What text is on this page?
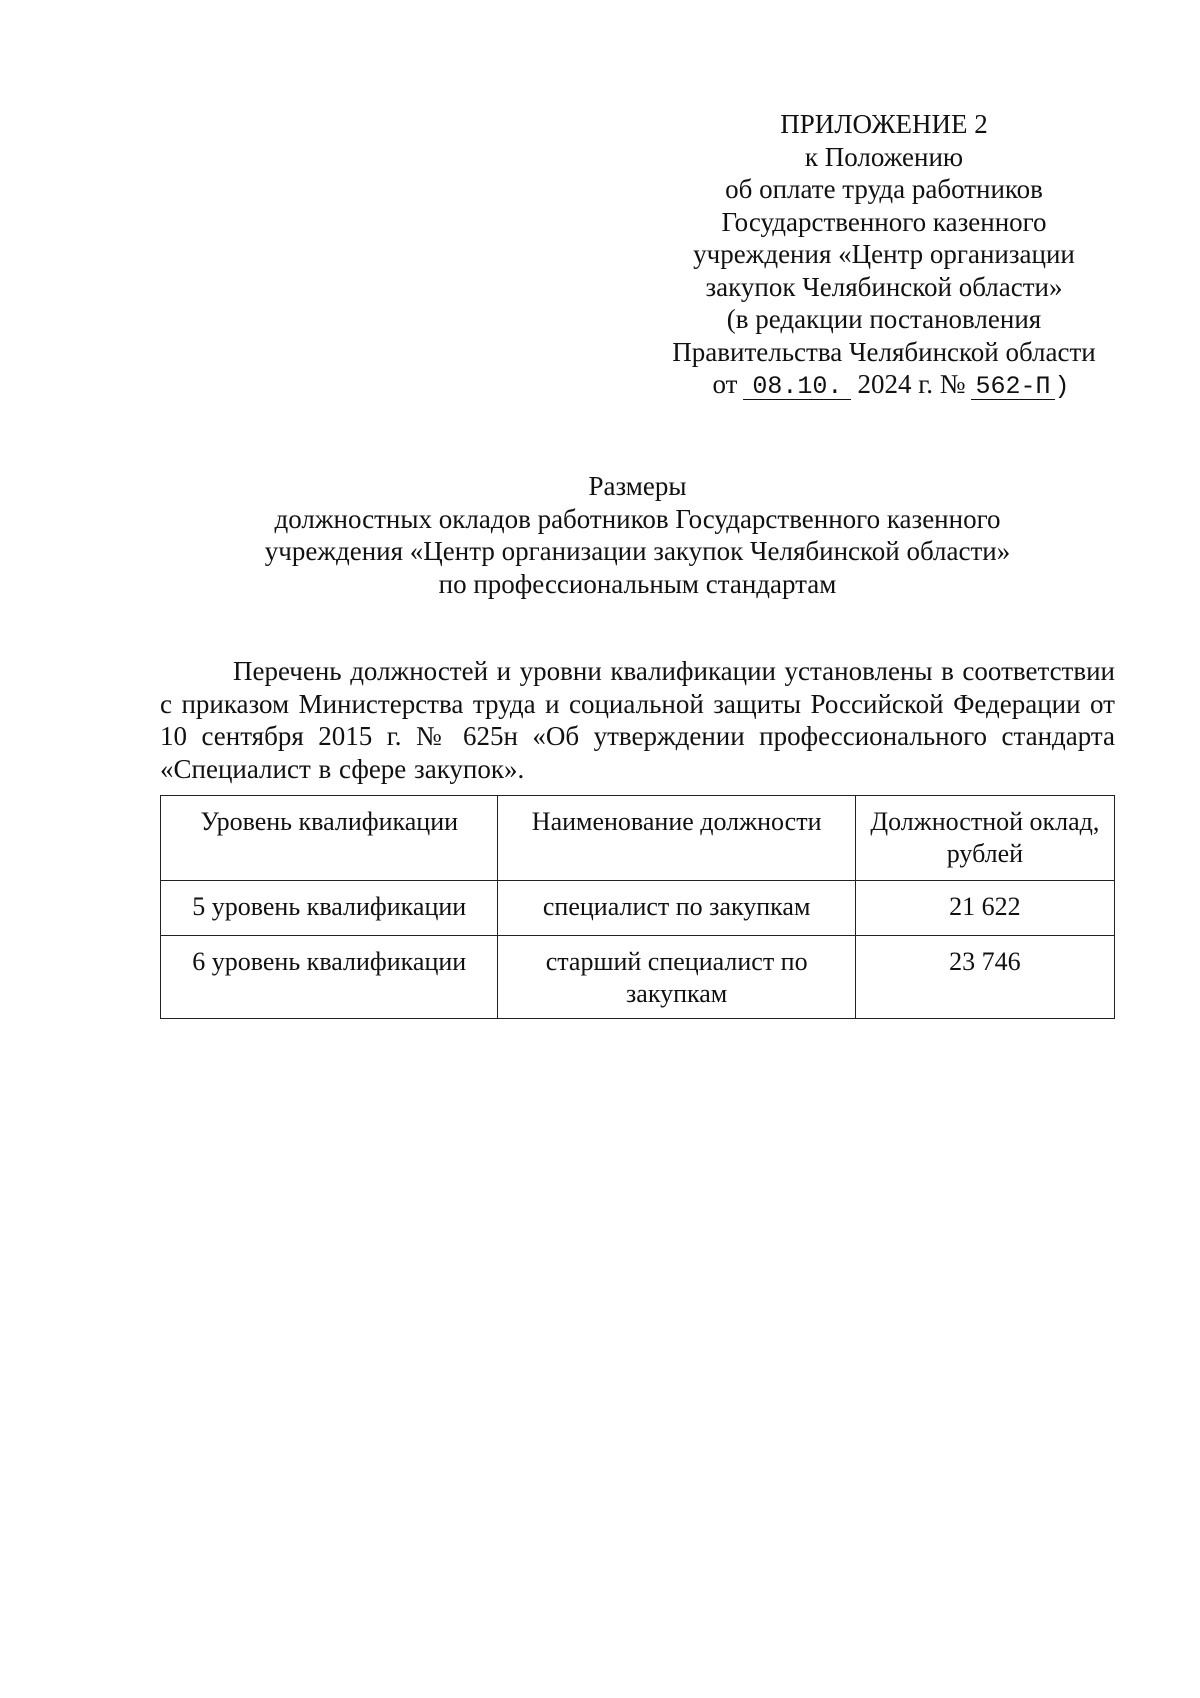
ПРИЛОЖЕНИЕ 2
к Положению
об оплате труда работников
Государственного казенного
учреждения «Центр организации
закупок Челябинской области»
(в редакции постановления
Правительства Челябинской области
от 08.10. 2024 г. № 562-П )
Размеры
должностных окладов работников Государственного казенного
учреждения «Центр организации закупок Челябинской области»
по профессиональным стандартам

Перечень должностей и уровни квалификации установлены в соответствии с приказом Министерства труда и социальной защиты Российской Федерации от 10 сентября 2015 г. № 625н «Об утверждении профессионального стандарта «Специалист в сфере закупок».

Уровень квалификации	Наименование должности	Должностной оклад, рублей
5 уровень квалификации	специалист по закупкам	21 622
6 уровень квалификации	старший специалист по закупкам	23 746
